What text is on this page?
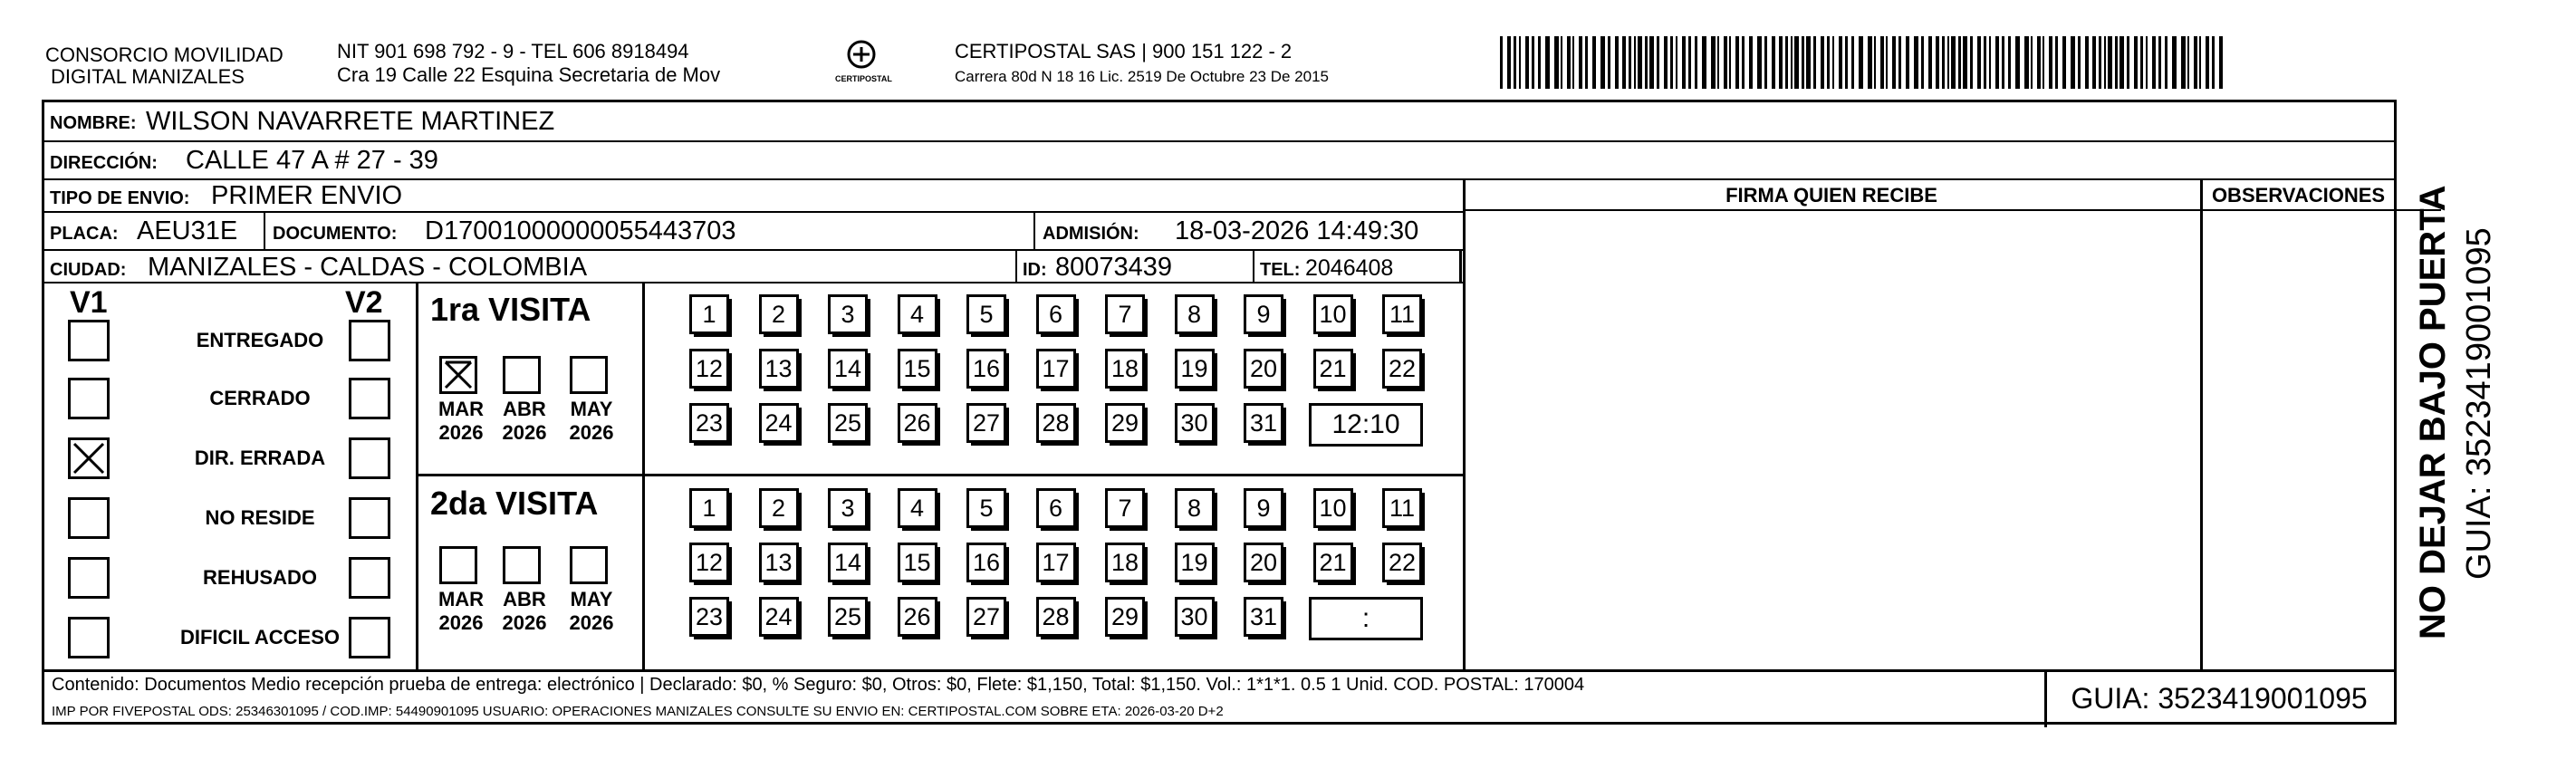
CONSORCIO MOVILIDAD
DIGITAL MANIZALES
NIT 901 698 792 - 9 - TEL 606 8918494
Cra 19 Calle 22 Esquina Secretaria de Mov	CERTIPOSTAL
CERTIPOSTAL SAS | 900 151 122 - 2
Carrera 80d N 18 16 Lic. 2519 De Octubre 23 De 2015
NOMBRE: WILSON NAVARRETE MARTINEZ
DIRECCIÓN: CALLE 47 A # 27 - 39
FIRMA QUIEN RECIBE	OBSERVACIONES
TIPO DE ENVIO: PRIMER ENVIO
PLACA: AEU31E DOCUMENTO: D17001000000055443703	ADMISIÓN: 18-03-2026 14:49:30
CIUDAD: MANIZALES - CALDAS - COLOMBIA	ID: 80073439	TEL: 2046408
V1	V2
ENTREGADO
CERRADO
DIR. ERRADA
NO RESIDE
REHUSADO
DIFICIL ACCESO
1ra VISITA
2da VISITA
MAR
2026
ABR
2026
MAY
2026
MAR
2026
ABR
2026
MAY
2026
1	2	3	4	5	6	7	8	9	10 11
12 13 14 15 16 17 18 19 20 21 22
23 24 25 26 27 28 29 30 31	12:10
1	2	3	4	5	6	7	8	9	10 11
12 13 14 15 16 17 18 19 20 21 22
23 24 25 26 27 28 29 30 31	:
Contenido: Documentos Medio recepción prueba de entrega: electrónico | Declarado: $0, % Seguro: $0, Otros: $0, Flete: $1,150, Total: $1,150. Vol.: 1*1*1. 0.5 1 Unid. COD. POSTAL: 170004
IMP POR FIVEPOSTAL ODS: 25346301095 / COD.IMP: 54490901095 USUARIO: OPERACIONES MANIZALES CONSULTE SU ENVIO EN: CERTIPOSTAL.COM SOBRE ETA: 2026-03-20 D+2	GUIA: 3523419001095
NO DEJAR BAJO PUERTA GUIA: 3523419001095
